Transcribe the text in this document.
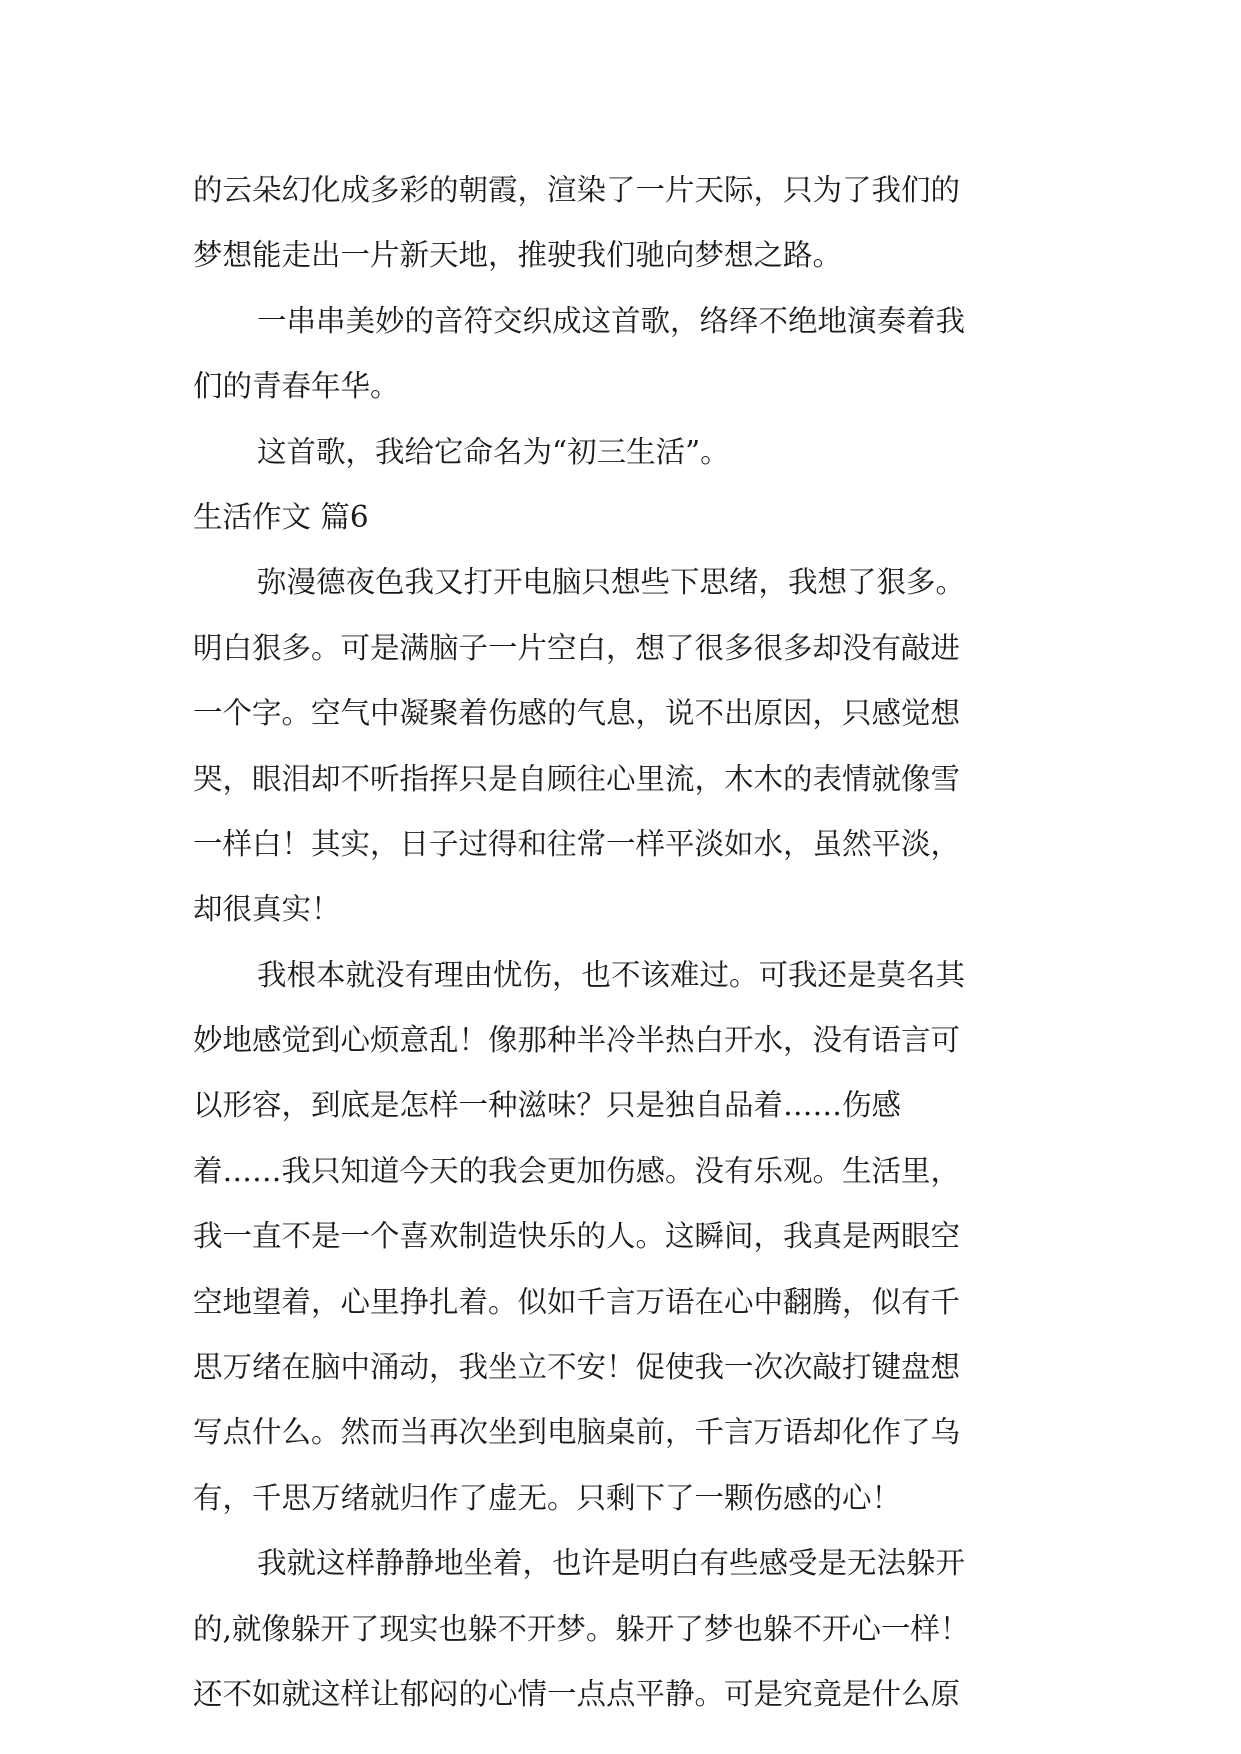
的云朵幻化成多彩的朝霞，渲染了一片天际，只为了我们的
梦想能走出一片新天地，推驶我们驰向梦想之路。
一串串美妙的音符交织成这首歌，络绎不绝地演奏着我
们的青春年华。
这首歌，我给它命名为“初三生活”。
生活作文 篇6
弥漫德夜色我又打开电脑只想些下思绪，我想了狠多。
明白狠多。可是满脑子一片空白，想了很多很多却没有敲进
一个字。空气中凝聚着伤感的气息，说不出原因，只感觉想
哭，眼泪却不听指挥只是自顾往心里流，木木的表情就像雪
一样白！其实，日子过得和往常一样平淡如水，虽然平淡，
却很真实！
我根本就没有理由忧伤，也不该难过。可我还是莫名其
妙地感觉到心烦意乱！像那种半冷半热白开水，没有语言可
以形容，到底是怎样一种滋味？只是独自品着……伤感
着……我只知道今天的我会更加伤感。没有乐观。生活里，
我一直不是一个喜欢制造快乐的人。这瞬间，我真是两眼空
空地望着，心里挣扎着。似如千言万语在心中翻腾，似有千
思万绪在脑中涌动，我坐立不安！促使我一次次敲打键盘想
写点什么。然而当再次坐到电脑桌前，千言万语却化作了乌
有，千思万绪就归作了虚无。只剩下了一颗伤感的心！
我就这样静静地坐着，也许是明白有些感受是无法躲开
的,就像躲开了现实也躲不开梦。躲开了梦也躲不开心一样！
还不如就这样让郁闷的心情一点点平静。可是究竟是什么原
